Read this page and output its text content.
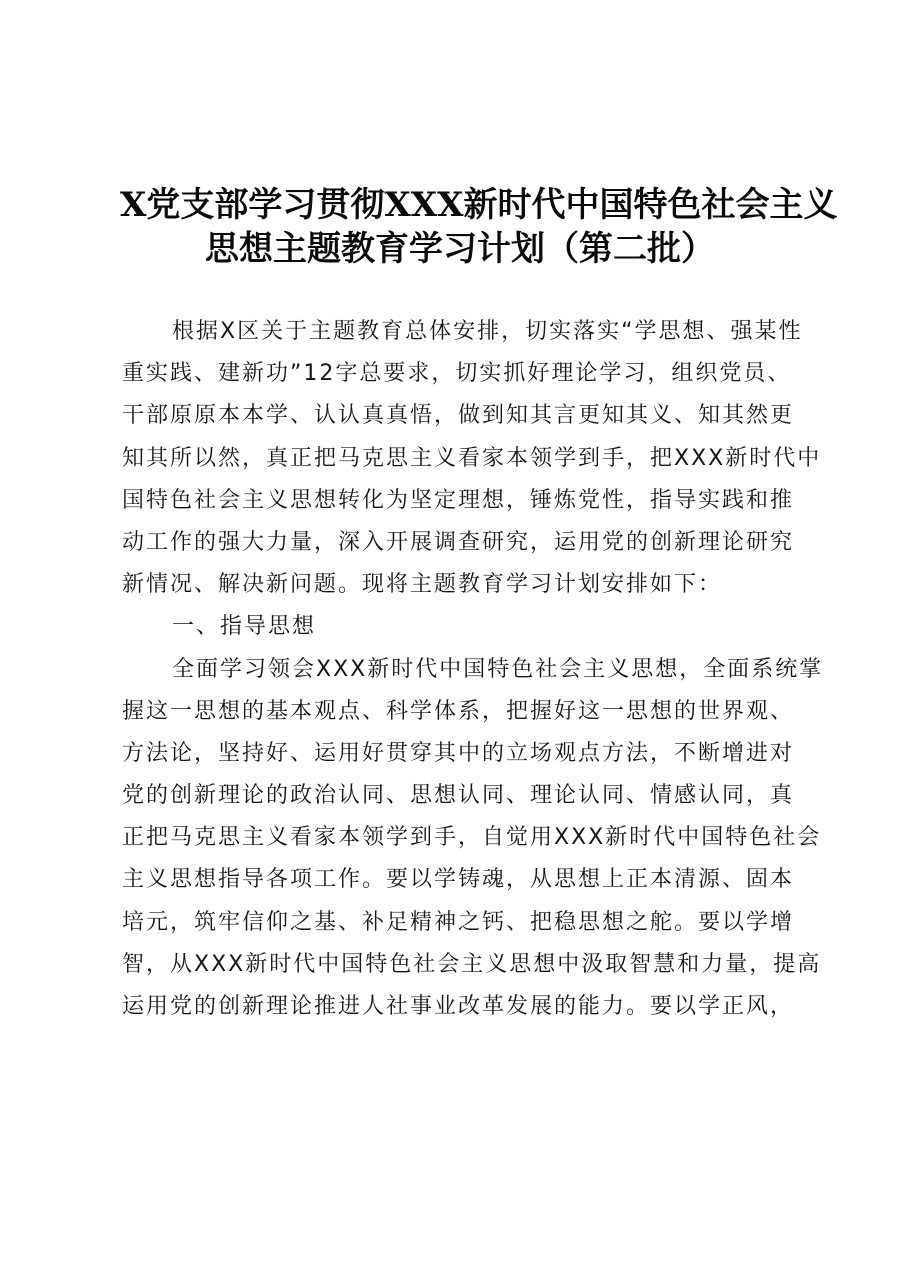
X党支部学习贯彻XXX新时代中国特色社会主义
思想主题教育学习计划（第二批）
根据X区关于主题教育总体安排，切实落实“学思想、强某性
重实践、建新功”12字总要求，切实抓好理论学习，组织党员、
干部原原本本学、认认真真悟，做到知其言更知其义、知其然更
知其所以然，真正把马克思主义看家本领学到手，把XXX新时代中
国特色社会主义思想转化为坚定理想，锤炼党性，指导实践和推
动工作的强大力量，深入开展调查研究，运用党的创新理论研究
新情况、解决新问题。现将主题教育学习计划安排如下：
一、指导思想
全面学习领会XXX新时代中国特色社会主义思想，全面系统掌
握这一思想的基本观点、科学体系，把握好这一思想的世界观、
方法论，坚持好、运用好贯穿其中的立场观点方法，不断增进对
党的创新理论的政治认同、思想认同、理论认同、情感认同，真
正把马克思主义看家本领学到手，自觉用XXX新时代中国特色社会
主义思想指导各项工作。要以学铸魂，从思想上正本清源、固本
培元，筑牢信仰之基、补足精神之钙、把稳思想之舵。要以学增
智，从XXX新时代中国特色社会主义思想中汲取智慧和力量，提高
运用党的创新理论推进人社事业改革发展的能力。要以学正风，
